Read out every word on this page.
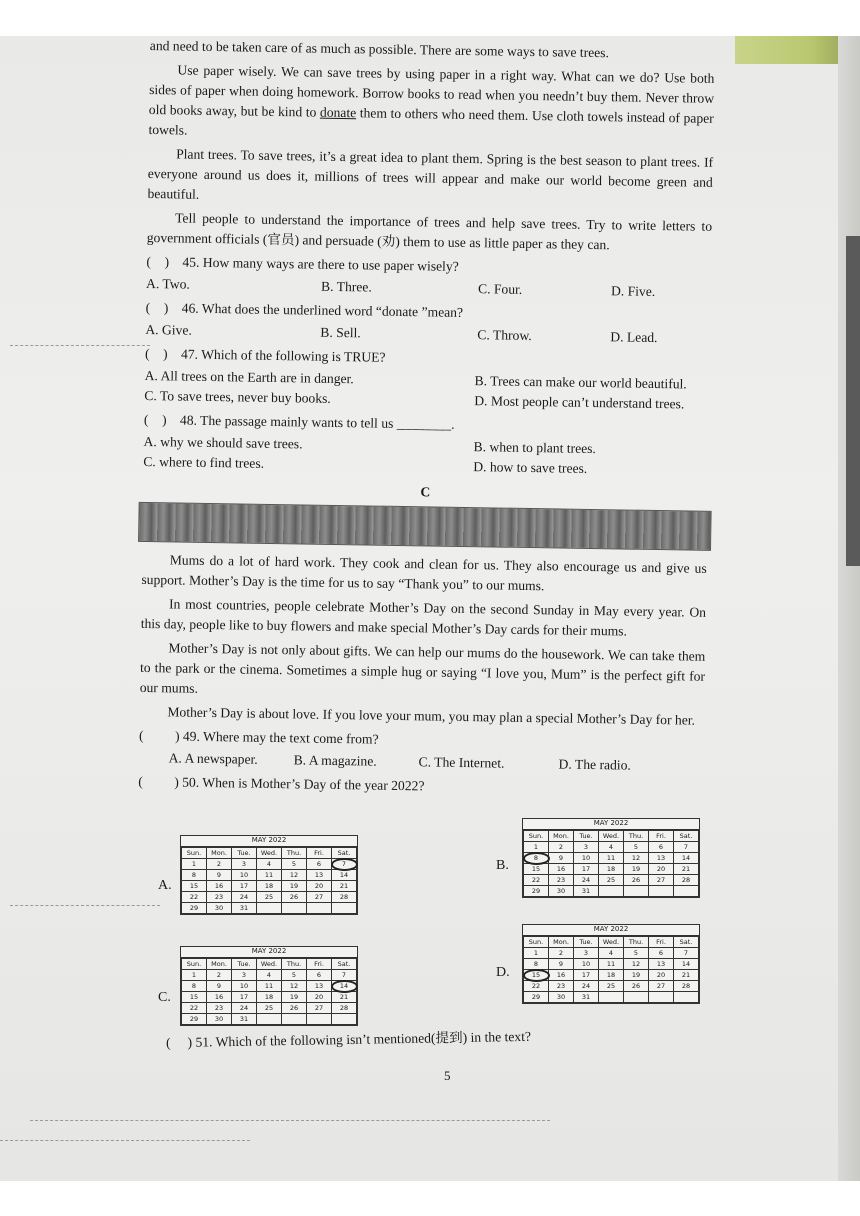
and need to be taken care of as much as possible. There are some ways to save trees.

Use paper wisely. We can save trees by using paper in a right way. What can we do? Use both sides of paper when doing homework. Borrow books to read when you needn’t buy them. Never throw old books away, but be kind to donate them to others who need them. Use cloth towels instead of paper towels.

Plant trees. To save trees, it’s a great idea to plant them. Spring is the best season to plant trees. If everyone around us does it, millions of trees will appear and make our world become green and beautiful.

Tell people to understand the importance of trees and help save trees. Try to write letters to government officials (官员) and persuade (劝) them to use as little paper as they can.

(    ) 45. How many ways are there to use paper wisely?
A. Two.	B. Three.	C. Four.	D. Five.
(    ) 46. What does the underlined word “donate ”mean?
A. Give.	B. Sell.	C. Throw.	D. Lead.
(    ) 47. Which of the following is TRUE?
A. All trees on the Earth are in danger.	B. Trees can make our world beautiful.
C. To save trees, never buy books.	D. Most people can’t understand trees.
(    ) 48. The passage mainly wants to tell us ________.
A. why we should save trees.	B. when to plant trees.
C. where to find trees.	D. how to save trees.
C

Mums do a lot of hard work. They cook and clean for us. They also encourage us and give us support. Mother’s Day is the time for us to say “Thank you” to our mums.

In most countries, people celebrate Mother’s Day on the second Sunday in May every year. On this day, people like to buy flowers and make special Mother’s Day cards for their mums.

Mother’s Day is not only about gifts. We can help our mums do the housework. We can take them to the park or the cinema. Sometimes a simple hug or saying “I love you, Mum” is the perfect gift for our mums.

Mother’s Day is about love. If you love your mum, you may plan a special Mother’s Day for her.

( ) 49. Where may the text come from?
A. A newspaper.	B. A magazine.	C. The Internet.	D. The radio.
( ) 50. When is Mother’s Day of the year 2022?
A.
MAY 2022
Sun.	Mon.	Tue.	Wed.	Thu.	Fri.	Sat.
1	2	3	4	5	6	7
8	9	10	11	12	13	14
15	16	17	18	19	20	21
22	23	24	25	26	27	28
29	30	31				
B.
MAY 2022
Sun.	Mon.	Tue.	Wed.	Thu.	Fri.	Sat.
1	2	3	4	5	6	7
8	9	10	11	12	13	14
15	16	17	18	19	20	21
22	23	24	25	26	27	28
29	30	31				
C.
MAY 2022
Sun.	Mon.	Tue.	Wed.	Thu.	Fri.	Sat.
1	2	3	4	5	6	7
8	9	10	11	12	13	14
15	16	17	18	19	20	21
22	23	24	25	26	27	28
29	30	31				
D.
MAY 2022
Sun.	Mon.	Tue.	Wed.	Thu.	Fri.	Sat.
1	2	3	4	5	6	7
8	9	10	11	12	13	14
15	16	17	18	19	20	21
22	23	24	25	26	27	28
29	30	31				
( ) 51. Which of the following isn’t mentioned(提到) in the text?
5
